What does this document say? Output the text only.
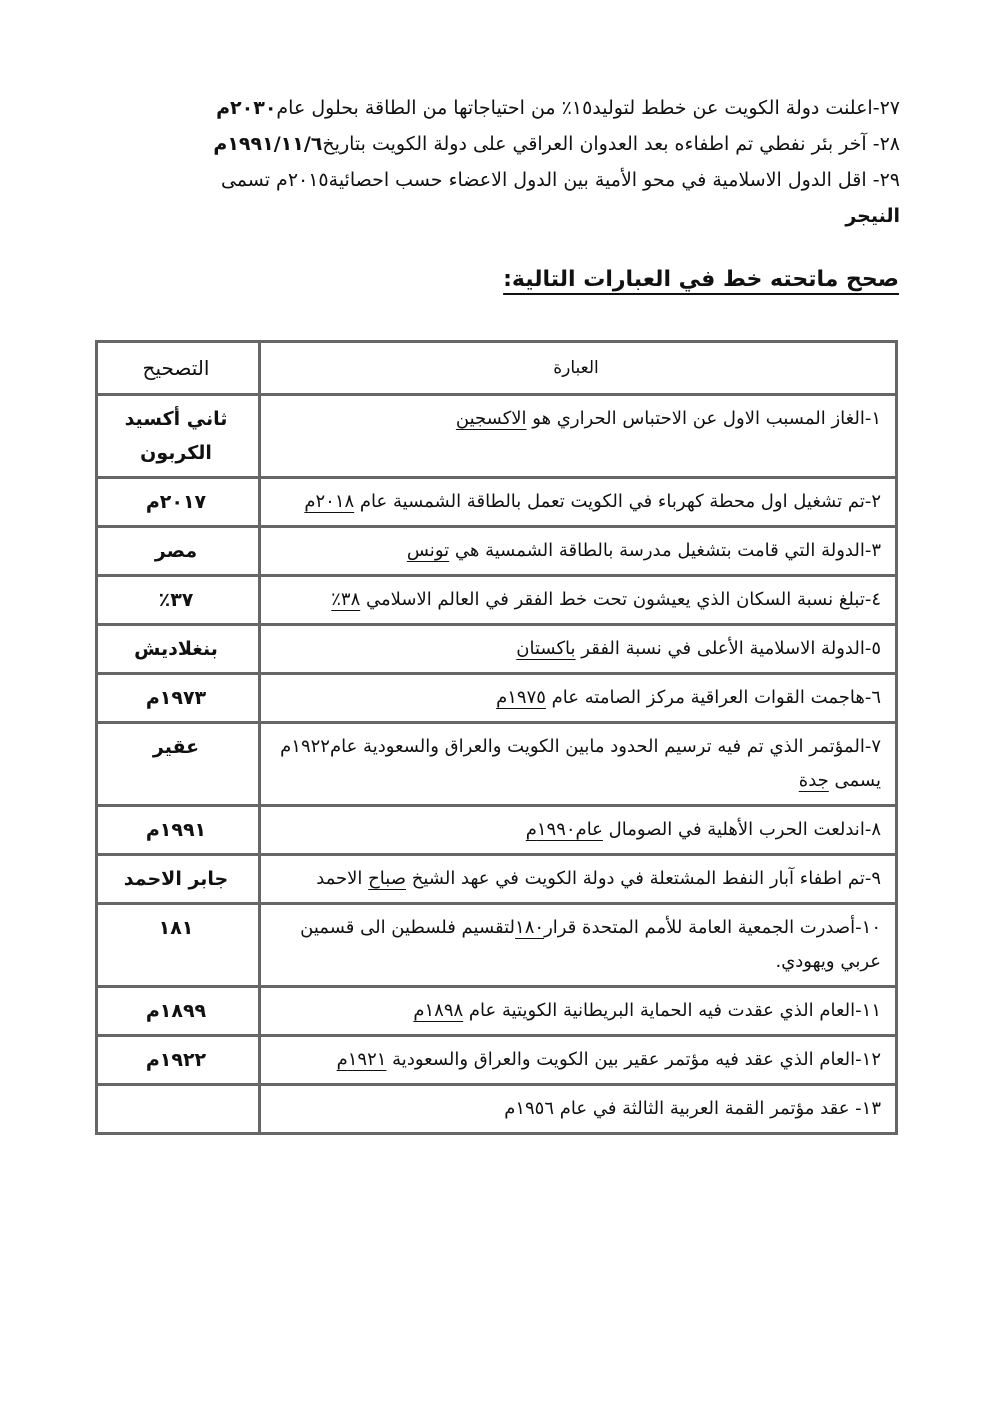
٢٧-اعلنت دولة الكويت عن خطط لتوليد١٥٪ من احتياجاتها من الطاقة بحلول عام٢٠٣٠م

٢٨- آخر بئر نفطي تم اطفاءه بعد العدوان العراقي على دولة الكويت بتاريخ١٩٩١/١١/٦م

٢٩- اقل الدول الاسلامية في محو الأمية بين الدول الاعضاء حسب احصائية٢٠١٥م تسمى
النيجر

صحح ماتحته خط في العبارات التالية:
العبارة	التصحيح
١-الغاز المسبب الاول عن الاحتباس الحراري هو الاكسجين	ثاني أكسيد الكربون
٢-تم تشغيل اول محطة كهرباء في الكويت تعمل بالطاقة الشمسية عام ٢٠١٨م	٢٠١٧م
٣-الدولة التي قامت بتشغيل مدرسة بالطاقة الشمسية هي تونس	مصر
٤-تبلغ نسبة السكان الذي يعيشون تحت خط الفقر في العالم الاسلامي ٣٨٪	٣٧٪
٥-الدولة الاسلامية الأعلى في نسبة الفقر باكستان	بنغلاديش
٦-هاجمت القوات العراقية مركز الصامته عام ١٩٧٥م	١٩٧٣م
٧-المؤتمر الذي تم فيه ترسيم الحدود مابين الكويت والعراق والسعودية عام١٩٢٢م يسمى جدة	عقير
٨-اندلعت الحرب الأهلية في الصومال عام١٩٩٠م	١٩٩١م
٩-تم اطفاء آبار النفط المشتعلة في دولة الكويت في عهد الشيخ صباح الاحمد	جابر الاحمد
١٠-أصدرت الجمعية العامة للأمم المتحدة قرار١٨٠لتقسيم فلسطين الى قسمين عربي ويهودي.	١٨١
١١-العام الذي عقدت فيه الحماية البريطانية الكويتية عام ١٨٩٨م	١٨٩٩م
١٢-العام الذي عقد فيه مؤتمر عقير بين الكويت والعراق والسعودية ١٩٢١م	١٩٢٢م
١٣- عقد مؤتمر القمة العربية الثالثة في عام ١٩٥٦م	
